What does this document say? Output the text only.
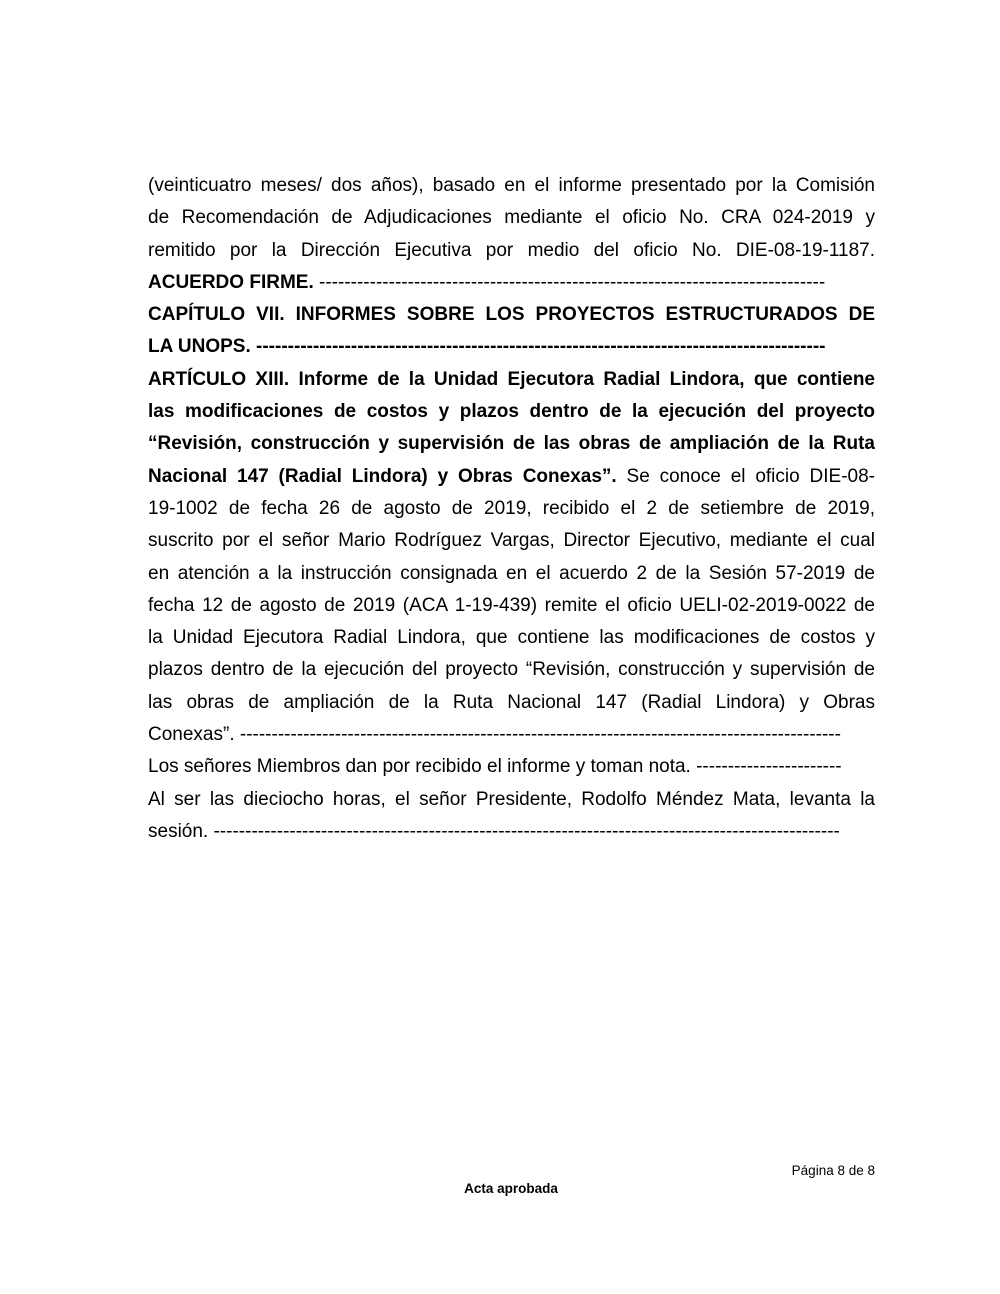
(veinticuatro meses/ dos años), basado en el informe presentado por la Comisión
de Recomendación de Adjudicaciones mediante el oficio No. CRA 024-2019 y
remitido por la Dirección Ejecutiva por medio del oficio No. DIE-08-19-1187.
ACUERDO FIRME. --------------------------------------------------------------------------------
CAPÍTULO VII. INFORMES SOBRE LOS PROYECTOS ESTRUCTURADOS DE
LA UNOPS. ------------------------------------------------------------------------------------------
ARTÍCULO XIII. Informe de la Unidad Ejecutora Radial Lindora, que contiene
las modificaciones de costos y plazos dentro de la ejecución del proyecto
“Revisión, construcción y supervisión de las obras de ampliación de la Ruta
Nacional 147 (Radial Lindora) y Obras Conexas”. Se conoce el oficio DIE-08-
19-1002 de fecha 26 de agosto de 2019, recibido el 2 de setiembre de 2019,
suscrito por el señor Mario Rodríguez Vargas, Director Ejecutivo, mediante el cual
en atención a la instrucción consignada en el acuerdo 2 de la Sesión 57-2019 de
fecha 12 de agosto de 2019 (ACA 1-19-439) remite el oficio UELI-02-2019-0022 de
la Unidad Ejecutora Radial Lindora, que contiene las modificaciones de costos y
plazos dentro de la ejecución del proyecto “Revisión, construcción y supervisión de
las obras de ampliación de la Ruta Nacional 147 (Radial Lindora) y Obras
Conexas”. -----------------------------------------------------------------------------------------------
Los señores Miembros dan por recibido el informe y toman nota. -----------------------
Al ser las dieciocho horas, el señor Presidente, Rodolfo Méndez Mata, levanta la
sesión. ---------------------------------------------------------------------------------------------------
Página 8 de 8
Acta aprobada
